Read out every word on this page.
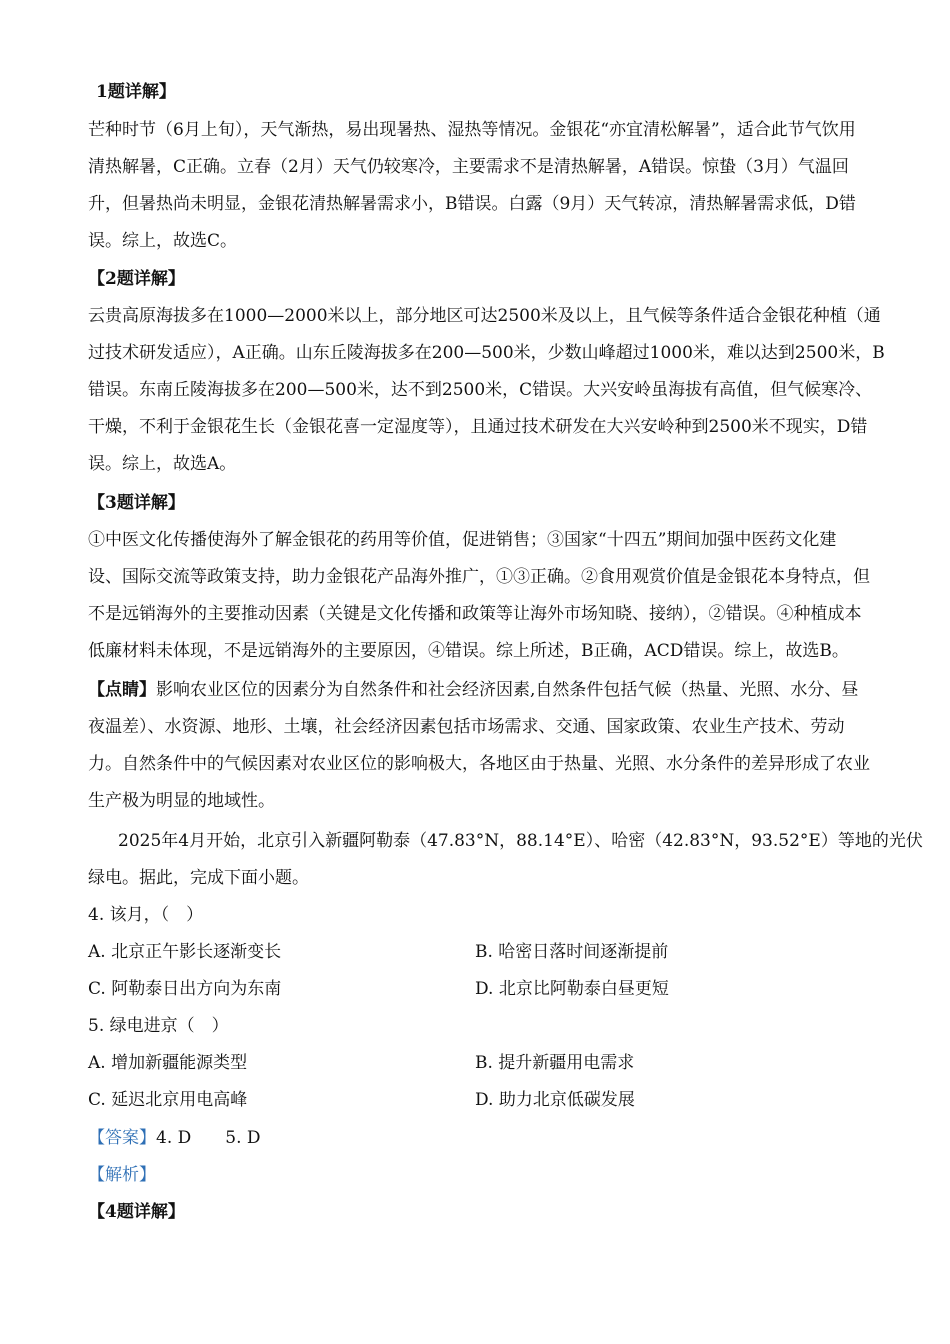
1题详解】
芒种时节（6月上旬），天气渐热，易出现暑热、湿热等情况。金银花“亦宜清松解暑”，适合此节气饮用
清热解暑，C正确。立春（2月）天气仍较寒冷，主要需求不是清热解暑，A错误。惊蛰（3月）气温回
升，但暑热尚未明显，金银花清热解暑需求小，B错误。白露（9月）天气转凉，清热解暑需求低，D错
误。综上，故选C。
【2题详解】
云贵高原海拔多在1000—2000米以上，部分地区可达2500米及以上，且气候等条件适合金银花种植（通
过技术研发适应），A正确。山东丘陵海拔多在200—500米，少数山峰超过1000米，难以达到2500米，B
错误。东南丘陵海拔多在200—500米，达不到2500米，C错误。大兴安岭虽海拔有高值，但气候寒冷、
干燥，不利于金银花生长（金银花喜一定湿度等），且通过技术研发在大兴安岭种到2500米不现实，D错
误。综上，故选A。
【3题详解】
①中医文化传播使海外了解金银花的药用等价值，促进销售；③国家“十四五”期间加强中医药文化建
设、国际交流等政策支持，助力金银花产品海外推广，①③正确。②食用观赏价值是金银花本身特点，但
不是远销海外的主要推动因素（关键是文化传播和政策等让海外市场知晓、接纳），②错误。④种植成本
低廉材料未体现，不是远销海外的主要原因，④错误。综上所述，B正确，ACD错误。综上，故选B。
【点睛】影响农业区位的因素分为自然条件和社会经济因素,自然条件包括气候（热量、光照、水分、昼
夜温差）、水资源、地形、土壤，社会经济因素包括市场需求、交通、国家政策、农业生产技术、劳动
力。自然条件中的气候因素对农业区位的影响极大，各地区由于热量、光照、水分条件的差异形成了农业
生产极为明显的地域性。
2025年4月开始，北京引入新疆阿勒泰（47.83°N，88.14°E）、哈密（42.83°N，93.52°E）等地的光伏
绿电。据此，完成下面小题。
4. 该月，（　）
A. 北京正午影长逐渐变长	B. 哈密日落时间逐渐提前
C. 阿勒泰日出方向为东南	D. 北京比阿勒泰白昼更短
5. 绿电进京（　）
A. 增加新疆能源类型	B. 提升新疆用电需求
C. 延迟北京用电高峰	D. 助力北京低碳发展
【答案】4. D　　5. D
【解析】
【4题详解】
